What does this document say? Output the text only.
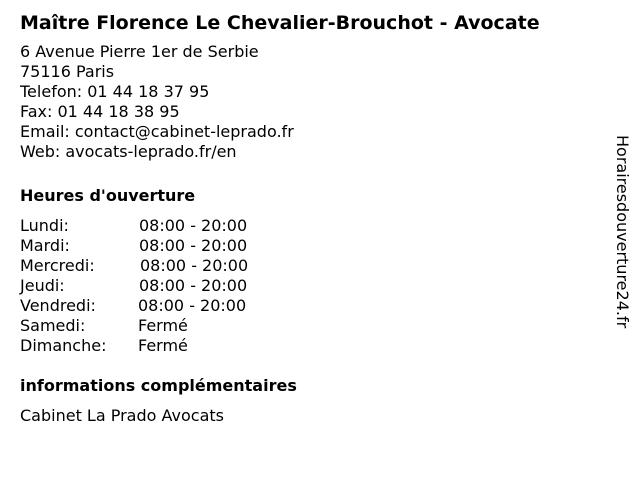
Maître Florence Le Chevalier-Brouchot - Avocate
6 Avenue Pierre 1er de Serbie
75116 Paris
Telefon: 01 44 18 37 95
Fax: 01 44 18 38 95
Email: contact@cabinet-leprado.fr
Web: avocats-leprado.fr/en
Heures d'ouverture
Lundi:	08:00 - 20:00
Mardi:	08:00 - 20:00
Mercredi:	08:00 - 20:00
Jeudi:	08:00 - 20:00
Vendredi:	08:00 - 20:00
Samedi:	Fermé
Dimanche:	Fermé
informations complémentaires
Cabinet La Prado Avocats
Horairesdouverture24.fr
